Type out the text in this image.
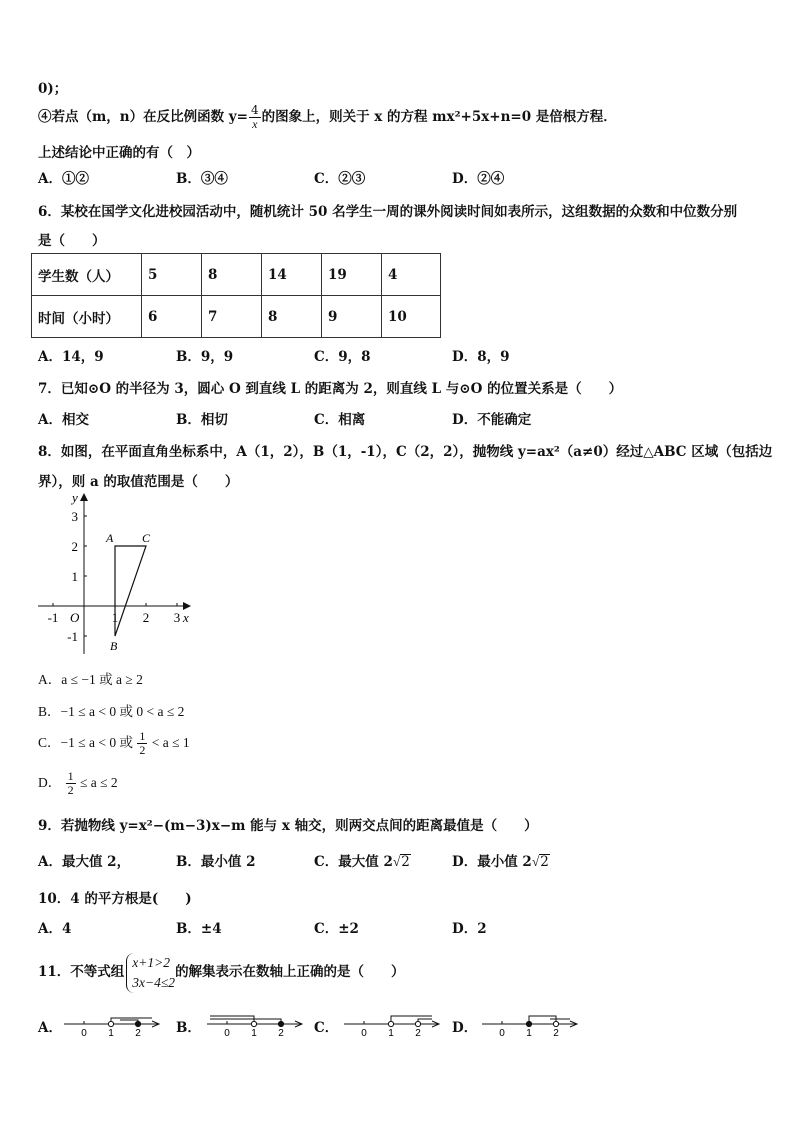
0)；
④若点（m，n）在反比例函数 $y= \frac{4}{x}$ 的图象上，则关于 x 的方程 mx²+5x+n=0 是倍根方程．
上述结论中正确的有（　）
A．①②	B．③④	C．②③	D．②④
6．某校在国学文化进校园活动中，随机统计 50 名学生一周的课外阅读时间如表所示，这组数据的众数和中位数分别
是（　　）
学生数（人）	5	8	14	19	4
时间（小时）	6	7	8	9	10
A．14，9	B．9，9	C．9，8	D．8，9
7．已知⊙O 的半径为 3，圆心 O 到直线 L 的距离为 2，则直线 L 与⊙O 的位置关系是（　　）
A．相交	B．相切	C．相离	D．不能确定
8．如图，在平面直角坐标系中，A（1，2），B（1，-1），C（2，2），抛物线 y=ax²（a≠0）经过△ABC 区域（包括边
界），则 a 的取值范围是（　　）
-1	1 2 3
3
2
1
-1
O	x
y
A
B
C
A．a ≤ −1 或 a ≥ 2
B．−1 ≤ a < 0 或 0 < a ≤ 2
C．−1 ≤ a < 0 或 $\frac{1}{2} < a \le 1$
D． $\frac{1}{2} \le a \le 2$
9．若抛物线 y=x²−(m−3)x−m 能与 x 轴交，则两交点间的距离最值是（　　）
A．最大值 2，	B．最小值 2	C．最大值 2√2	D．最小值 2√2
10．4 的平方根是(　　)
A．4	B．±4	C．±2	D．2
11．不等式组
x+1>2
3x−4≤2
的解集表示在数轴上正确的是（　　）
A．	B．	C．	D．
0 1 2	0 1 2	0 1 2	0 1 2
